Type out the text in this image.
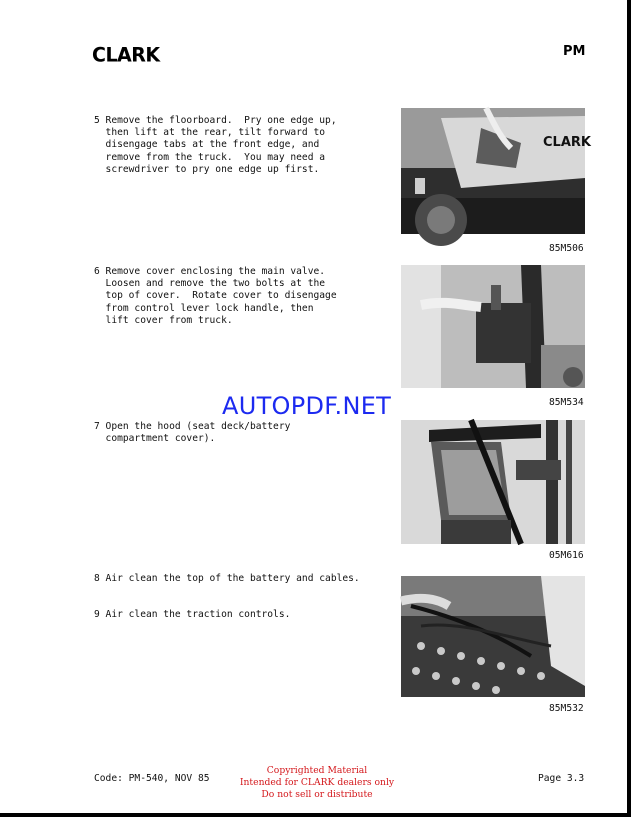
CLARK	PM
5 Remove the floorboard.  Pry one edge up,
then lift at the rear, tilt forward to
disengage tabs at the front edge, and
remove from the truck.  You may need a
screwdriver to pry one edge up first.
6 Remove cover enclosing the main valve.
Loosen and remove the two bolts at the
top of cover.  Rotate cover to disengage
from control lever lock handle, then
lift cover from truck.
7 Open the hood (seat deck/battery
compartment cover).
8 Air clean the top of the battery and cables.
9 Air clean the traction controls.
CLARK
85M506
85M534
05M616
85M532
AUTOPDF.NET
Code: PM-540, NOV 85
Copyrighted Material
Intended for CLARK dealers only
Do not sell or distribute
Page 3.3
